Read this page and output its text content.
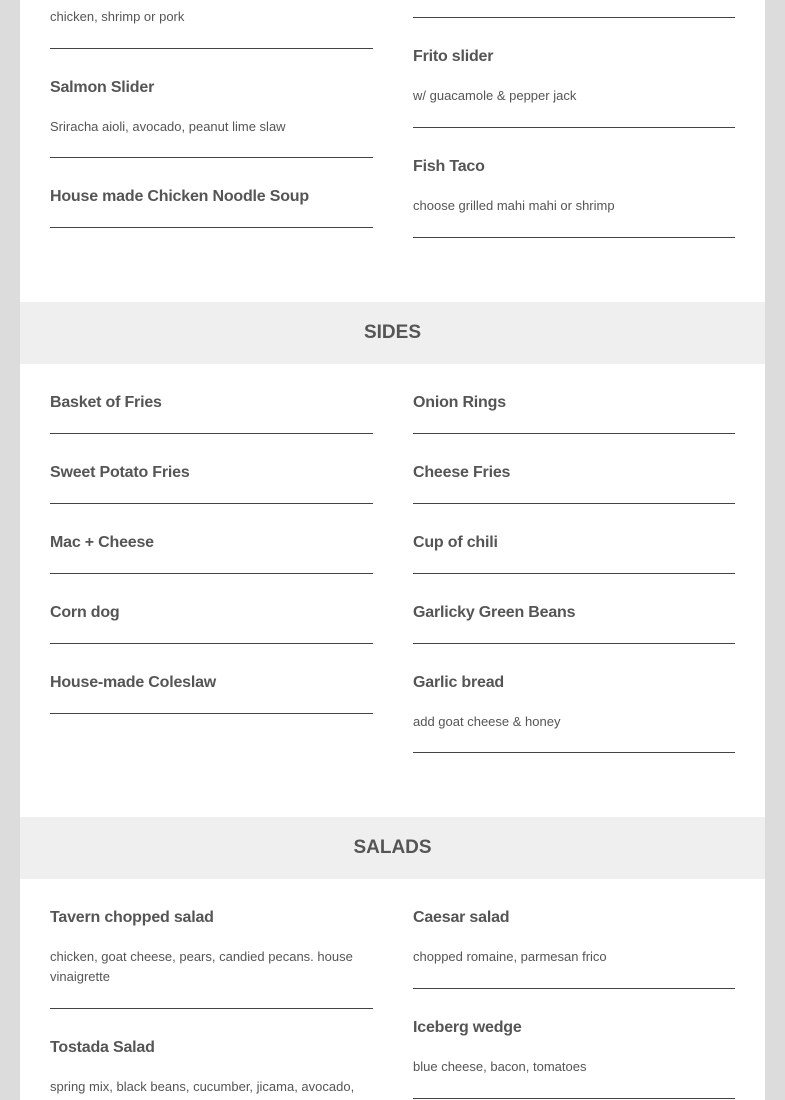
chicken, shrimp or pork
Salmon Slider
Sriracha aioli, avocado, peanut lime slaw
House made Chicken Noodle Soup
Frito slider
w/ guacamole & pepper jack
Fish Taco
choose grilled mahi mahi or shrimp
SIDES
Basket of Fries
Sweet Potato Fries
Mac + Cheese
Corn dog
House-made Coleslaw
Onion Rings
Cheese Fries
Cup of chili
Garlicky Green Beans
Garlic bread
add goat cheese & honey
SALADS
Tavern chopped salad
chicken, goat cheese, pears, candied pecans. house vinaigrette
Tostada Salad
spring mix, black beans, cucumber, jicama, avocado,
Caesar salad
chopped romaine, parmesan frico
Iceberg wedge
blue cheese, bacon, tomatoes
